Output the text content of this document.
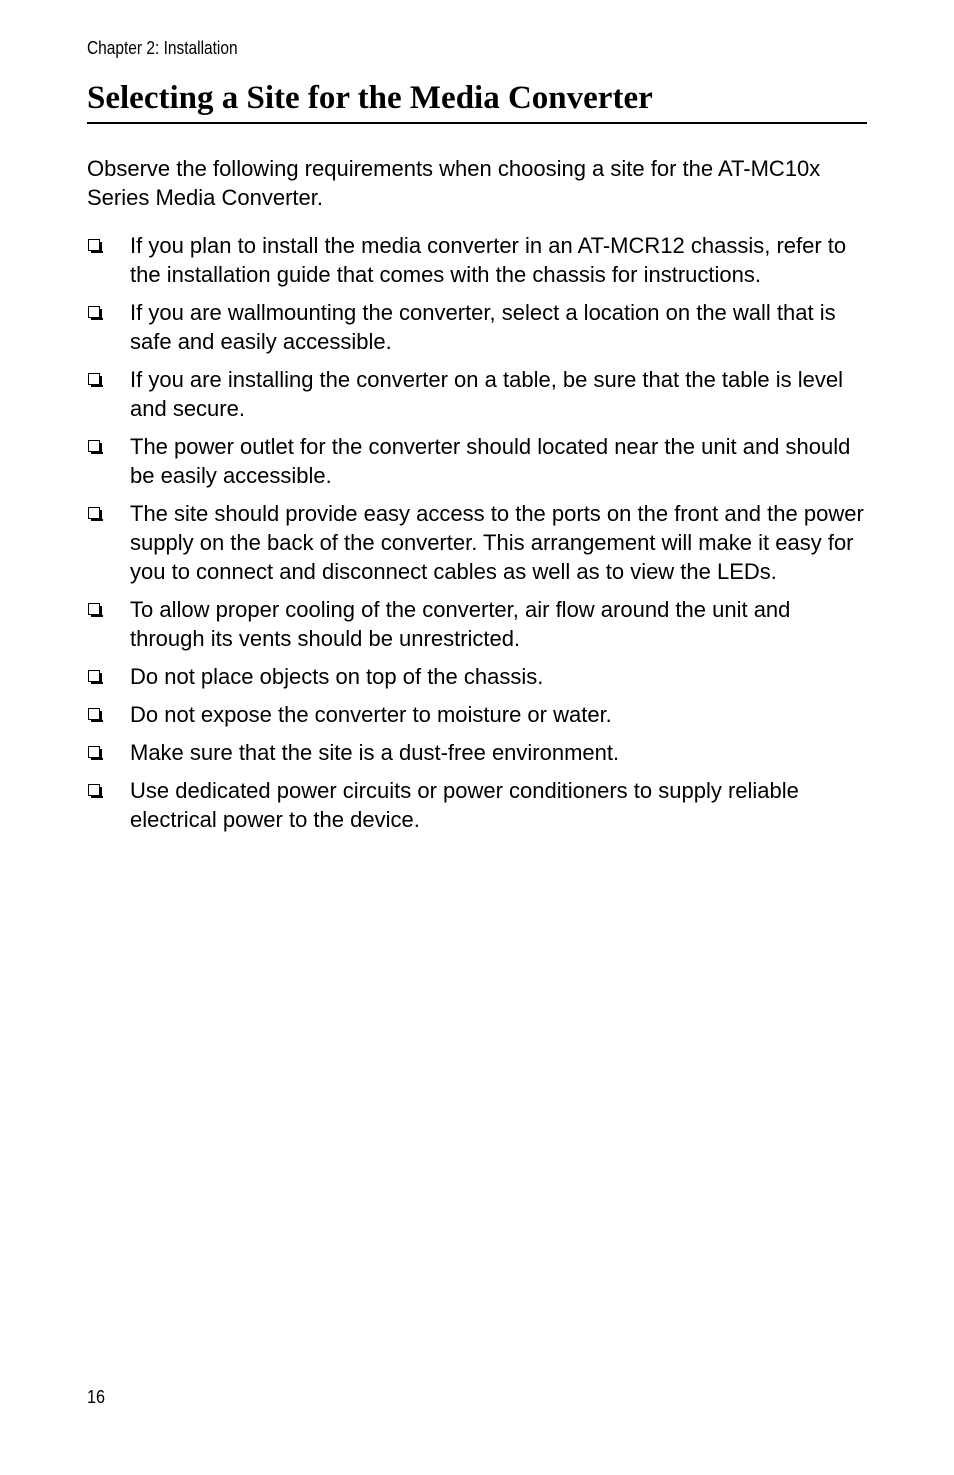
Chapter 2: Installation
Selecting a Site for the Media Converter

Observe the following requirements when choosing a site for the AT-MC10x Series Media Converter.

If you plan to install the media converter in an AT-MCR12 chassis, refer to the installation guide that comes with the chassis for instructions.
If you are wallmounting the converter, select a location on the wall that is safe and easily accessible.
If you are installing the converter on a table, be sure that the table is level and secure.
The power outlet for the converter should located near the unit and should be easily accessible.
The site should provide easy access to the ports on the front and the power supply on the back of the converter. This arrangement will make it easy for you to connect and disconnect cables as well as to view the LEDs.
To allow proper cooling of the converter, air flow around the unit and through its vents should be unrestricted.
Do not place objects on top of the chassis.
Do not expose the converter to moisture or water.
Make sure that the site is a dust-free environment.
Use dedicated power circuits or power conditioners to supply reliable electrical power to the device.
16
